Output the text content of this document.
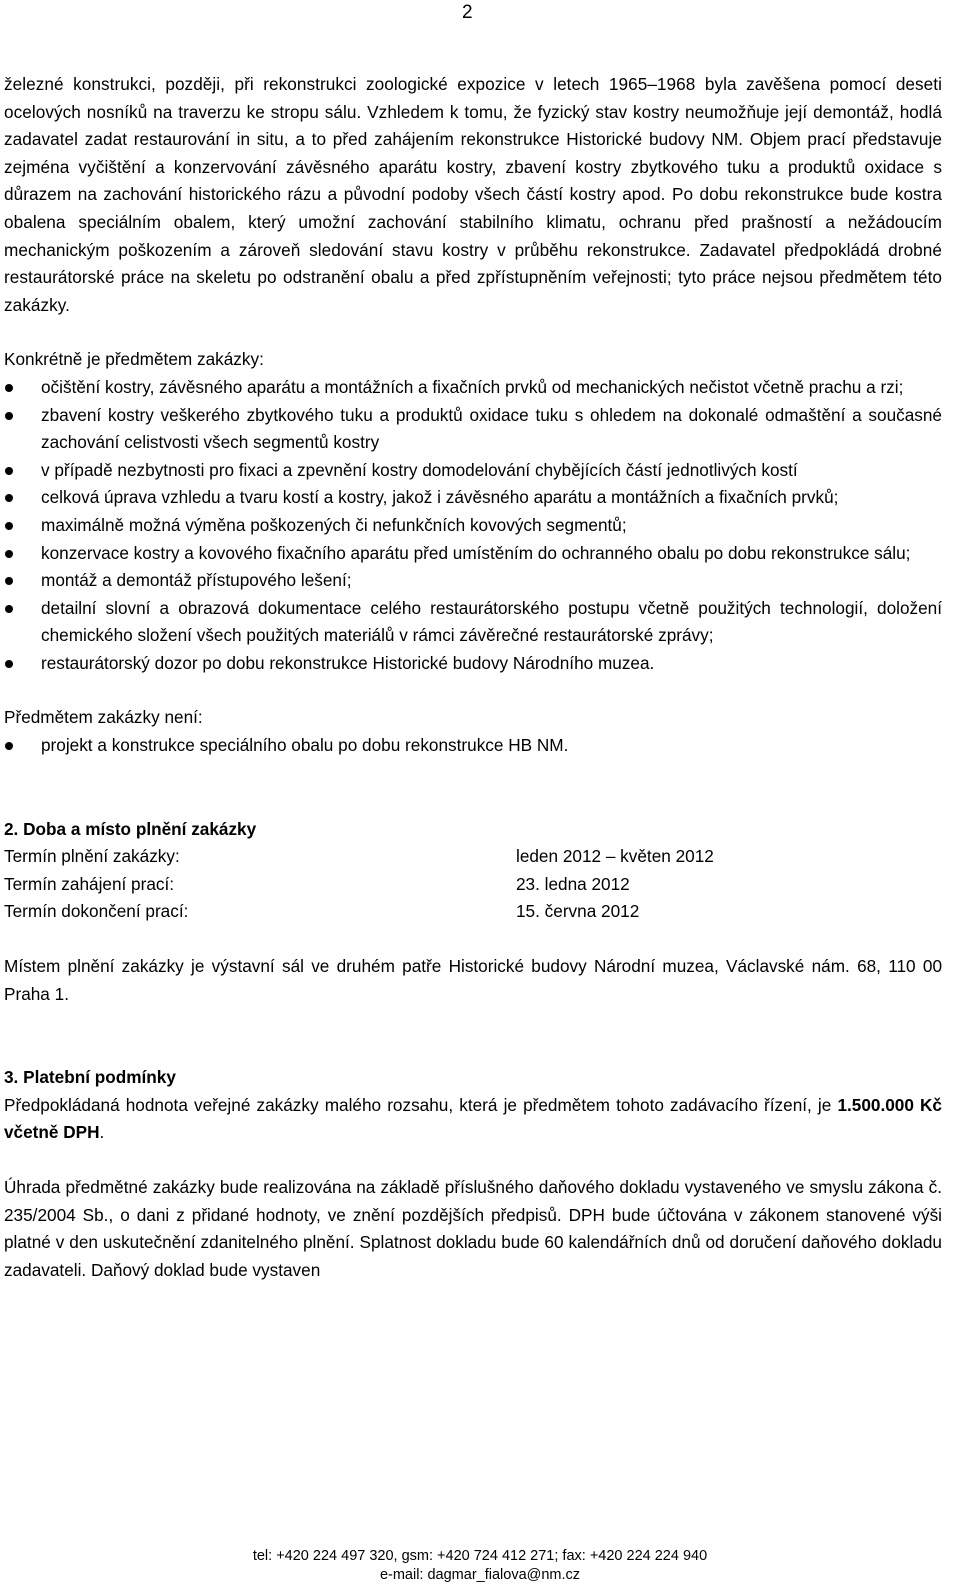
2

železné konstrukci, později, při rekonstrukci zoologické expozice v letech 1965–1968 byla zavěšena pomocí deseti ocelových nosníků na traverzu ke stropu sálu. Vzhledem k tomu, že fyzický stav kostry neumožňuje její demontáž, hodlá zadavatel zadat restaurování in situ, a to před zahájením rekonstrukce Historické budovy NM. Objem prací představuje zejména vyčištění a konzervování závěsného aparátu kostry, zbavení kostry zbytkového tuku a produktů oxidace s důrazem na zachování historického rázu a původní podoby všech částí kostry apod. Po dobu rekonstrukce bude kostra obalena speciálním obalem, který umožní zachování stabilního klimatu, ochranu před prašností a nežádoucím mechanickým poškozením a zároveň sledování stavu kostry v průběhu rekonstrukce. Zadavatel předpokládá drobné restaurátorské práce na skeletu po odstranění obalu a před zpřístupněním veřejnosti; tyto práce nejsou předmětem této zakázky.

Konkrétně je předmětem zakázky:

očištění kostry, závěsného aparátu a montážních a fixačních prvků od mechanických nečistot včetně prachu a rzi;
zbavení kostry veškerého zbytkového tuku a produktů oxidace tuku s ohledem na dokonalé odmaštění a současné zachování celistvosti všech segmentů kostry
v případě nezbytnosti pro fixaci a zpevnění kostry domodelování chybějících částí jednotlivých kostí
celková úprava vzhledu a tvaru kostí a kostry, jakož i závěsného aparátu a montážních a fixačních prvků;
maximálně možná výměna poškozených či nefunkčních kovových segmentů;
konzervace kostry a kovového fixačního aparátu před umístěním do ochranného obalu po dobu rekonstrukce sálu;
montáž a demontáž přístupového lešení;
detailní slovní a obrazová dokumentace celého restaurátorského postupu včetně použitých technologií, doložení chemického složení všech použitých materiálů v rámci závěrečné restaurátorské zprávy;
restaurátorský dozor po dobu rekonstrukce Historické budovy Národního muzea.

Předmětem zakázky není:

projekt a konstrukce speciálního obalu po dobu rekonstrukce HB NM.

2. Doba a místo plnění zakázky

Termín plnění zakázky:	leden 2012 – květen 2012
Termín zahájení prací:	23. ledna 2012
Termín dokončení prací:	15. června 2012

Místem plnění zakázky je výstavní sál ve druhém patře Historické budovy Národní muzea, Václavské nám. 68, 110 00 Praha 1.

3. Platební podmínky

Předpokládaná hodnota veřejné zakázky malého rozsahu, která je předmětem tohoto zadávacího řízení, je 1.500.000 Kč včetně DPH.

Úhrada předmětné zakázky bude realizována na základě příslušného daňového dokladu vystaveného ve smyslu zákona č. 235/2004 Sb., o dani z přidané hodnoty, ve znění pozdějších předpisů. DPH bude účtována v zákonem stanovené výši platné v den uskutečnění zdanitelného plnění. Splatnost dokladu bude 60 kalendářních dnů od doručení daňového dokladu zadavateli. Daňový doklad bude vystaven

tel: +420 224 497 320, gsm: +420 724 412 271; fax: +420 224 224 940
e-mail: dagmar_fialova@nm.cz
